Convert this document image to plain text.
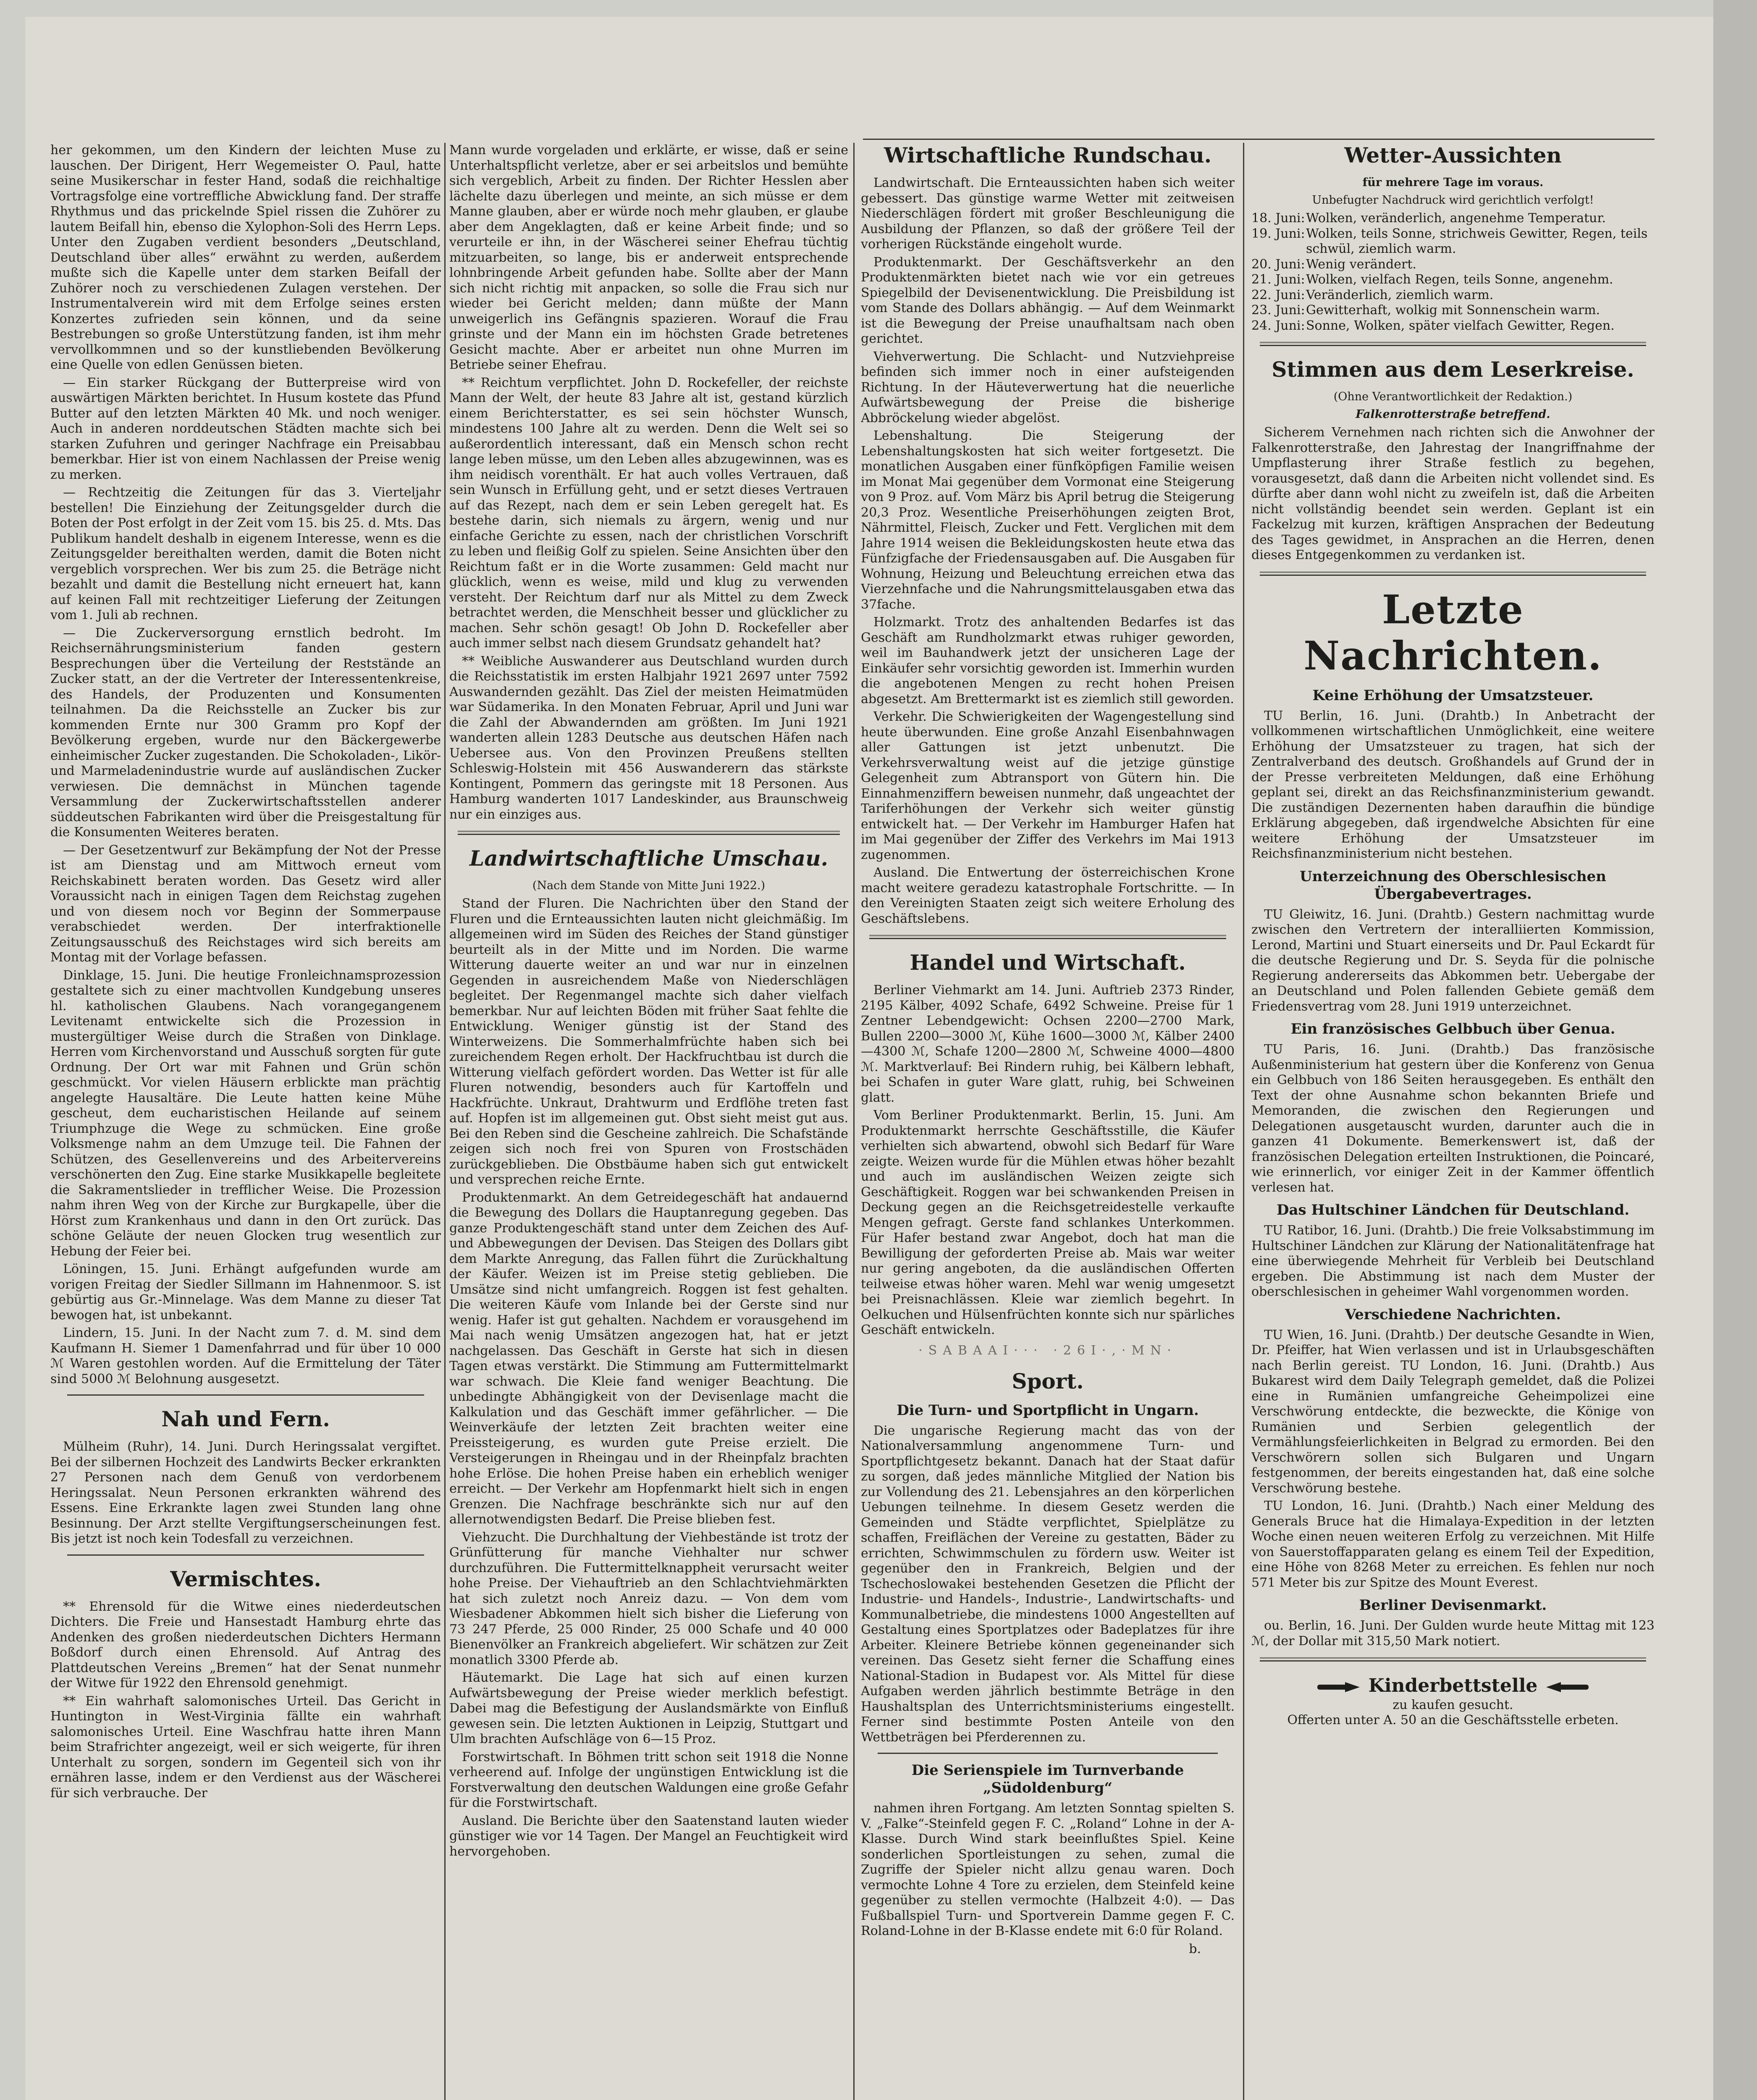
her gekommen, um den Kindern der leichten Muse zu lauschen. Der Dirigent, Herr Wegemeister O. Paul, hatte seine Musikerschar in fester Hand, sodaß die reichhaltige Vortragsfolge eine vortreffliche Abwicklung fand. Der straffe Rhythmus und das prickelnde Spiel rissen die Zuhörer zu lautem Beifall hin, ebenso die Xylophon-Soli des Herrn Leps. Unter den Zugaben verdient besonders „Deutschland, Deutschland über alles“ erwähnt zu werden, außerdem mußte sich die Kapelle unter dem starken Beifall der Zuhörer noch zu verschiedenen Zulagen verstehen. Der Instrumentalverein wird mit dem Erfolge seines ersten Konzertes zufrieden sein können, und da seine Bestrebungen so große Unterstützung fanden, ist ihm mehr vervollkommnen und so der kunstliebenden Bevölkerung eine Quelle von edlen Genüssen bieten.

— Ein starker Rückgang der Butterpreise wird von auswärtigen Märkten berichtet. In Husum kostete das Pfund Butter auf den letzten Märkten 40 Mk. und noch weniger. Auch in anderen norddeutschen Städten machte sich bei starken Zufuhren und geringer Nachfrage ein Preisabbau bemerkbar. Hier ist von einem Nachlassen der Preise wenig zu merken.

— Rechtzeitig die Zeitungen für das 3. Vierteljahr bestellen! Die Einziehung der Zeitungsgelder durch die Boten der Post erfolgt in der Zeit vom 15. bis 25. d. Mts. Das Publikum handelt deshalb in eigenem Interesse, wenn es die Zeitungsgelder bereithalten werden, damit die Boten nicht vergeblich vorsprechen. Wer bis zum 25. die Beträge nicht bezahlt und damit die Bestellung nicht erneuert hat, kann auf keinen Fall mit rechtzeitiger Lieferung der Zeitungen vom 1. Juli ab rechnen.

— Die Zuckerversorgung ernstlich bedroht. Im Reichsernährungsministerium fanden gestern Besprechungen über die Verteilung der Reststände an Zucker statt, an der die Vertreter der Interessentenkreise, des Handels, der Produzenten und Konsumenten teilnahmen. Da die Reichsstelle an Zucker bis zur kommenden Ernte nur 300 Gramm pro Kopf der Bevölkerung ergeben, wurde nur den Bäckergewerbe einheimischer Zucker zugestanden. Die Schokoladen-, Likör- und Marmeladenindustrie wurde auf ausländischen Zucker verwiesen. Die demnächst in München tagende Versammlung der Zuckerwirtschaftsstellen anderer süddeutschen Fabrikanten wird über die Preisgestaltung für die Konsumenten Weiteres beraten.

— Der Gesetzentwurf zur Bekämpfung der Not der Presse ist am Dienstag und am Mittwoch erneut vom Reichskabinett beraten worden. Das Gesetz wird aller Voraussicht nach in einigen Tagen dem Reichstag zugehen und von diesem noch vor Beginn der Sommerpause verabschiedet werden. Der interfraktionelle Zeitungsausschuß des Reichstages wird sich bereits am Montag mit der Vorlage befassen.

Dinklage, 15. Juni. Die heutige Fronleichnamsprozession gestaltete sich zu einer machtvollen Kundgebung unseres hl. katholischen Glaubens. Nach vorangegangenem Levitenamt entwickelte sich die Prozession in mustergültiger Weise durch die Straßen von Dinklage. Herren vom Kirchenvorstand und Ausschuß sorgten für gute Ordnung. Der Ort war mit Fahnen und Grün schön geschmückt. Vor vielen Häusern erblickte man prächtig angelegte Hausaltäre. Die Leute hatten keine Mühe gescheut, dem eucharistischen Heilande auf seinem Triumphzuge die Wege zu schmücken. Eine große Volksmenge nahm an dem Umzuge teil. Die Fahnen der Schützen, des Gesellenvereins und des Arbeitervereins verschönerten den Zug. Eine starke Musikkapelle begleitete die Sakramentslieder in trefflicher Weise. Die Prozession nahm ihren Weg von der Kirche zur Burgkapelle, über die Hörst zum Krankenhaus und dann in den Ort zurück. Das schöne Geläute der neuen Glocken trug wesentlich zur Hebung der Feier bei.

Löningen, 15. Juni. Erhängt aufgefunden wurde am vorigen Freitag der Siedler Sillmann im Hahnenmoor. S. ist gebürtig aus Gr.-Minnelage. Was dem Manne zu dieser Tat bewogen hat, ist unbekannt.

Lindern, 15. Juni. In der Nacht zum 7. d. M. sind dem Kaufmann H. Siemer 1 Damenfahrrad und für über 10 000 ℳ Waren gestohlen worden. Auf die Ermittelung der Täter sind 5000 ℳ Belohnung ausgesetzt.

Nah und Fern.

Mülheim (Ruhr), 14. Juni. Durch Heringssalat vergiftet. Bei der silbernen Hochzeit des Landwirts Becker erkrankten 27 Personen nach dem Genuß von verdorbenem Heringssalat. Neun Personen erkrankten während des Essens. Eine Erkrankte lagen zwei Stunden lang ohne Besinnung. Der Arzt stellte Vergiftungserscheinungen fest. Bis jetzt ist noch kein Todesfall zu verzeichnen.

Vermischtes.

** Ehrensold für die Witwe eines niederdeutschen Dichters. Die Freie und Hansestadt Hamburg ehrte das Andenken des großen niederdeutschen Dichters Hermann Boßdorf durch einen Ehrensold. Auf Antrag des Plattdeutschen Vereins „Bremen“ hat der Senat nunmehr der Witwe für 1922 den Ehrensold genehmigt.

** Ein wahrhaft salomonisches Urteil. Das Gericht in Huntington in West-Virginia fällte ein wahrhaft salomonisches Urteil. Eine Waschfrau hatte ihren Mann beim Strafrichter angezeigt, weil er sich weigerte, für ihren Unterhalt zu sorgen, sondern im Gegenteil sich von ihr ernähren lasse, indem er den Verdienst aus der Wäscherei für sich verbrauche. Der

Mann wurde vorgeladen und erklärte, er wisse, daß er seine Unterhaltspflicht verletze, aber er sei arbeitslos und bemühte sich vergeblich, Arbeit zu finden. Der Richter Hesslen aber lächelte dazu überlegen und meinte, an sich müsse er dem Manne glauben, aber er würde noch mehr glauben, er glaube aber dem Angeklagten, daß er keine Arbeit finde; und so verurteile er ihn, in der Wäscherei seiner Ehefrau tüchtig mitzuarbeiten, so lange, bis er anderweit entsprechende lohnbringende Arbeit gefunden habe. Sollte aber der Mann sich nicht richtig mit anpacken, so solle die Frau sich nur wieder bei Gericht melden; dann müßte der Mann unweigerlich ins Gefängnis spazieren. Worauf die Frau grinste und der Mann ein im höchsten Grade betretenes Gesicht machte. Aber er arbeitet nun ohne Murren im Betriebe seiner Ehefrau.

** Reichtum verpflichtet. John D. Rockefeller, der reichste Mann der Welt, der heute 83 Jahre alt ist, gestand kürzlich einem Berichterstatter, es sei sein höchster Wunsch, mindestens 100 Jahre alt zu werden. Denn die Welt sei so außerordentlich interessant, daß ein Mensch schon recht lange leben müsse, um den Leben alles abzugewinnen, was es ihm neidisch vorenthält. Er hat auch volles Vertrauen, daß sein Wunsch in Erfüllung geht, und er setzt dieses Vertrauen auf das Rezept, nach dem er sein Leben geregelt hat. Es bestehe darin, sich niemals zu ärgern, wenig und nur einfache Gerichte zu essen, nach der christlichen Vorschrift zu leben und fleißig Golf zu spielen. Seine Ansichten über den Reichtum faßt er in die Worte zusammen: Geld macht nur glücklich, wenn es weise, mild und klug zu verwenden versteht. Der Reichtum darf nur als Mittel zu dem Zweck betrachtet werden, die Menschheit besser und glücklicher zu machen. Sehr schön gesagt! Ob John D. Rockefeller aber auch immer selbst nach diesem Grundsatz gehandelt hat?

** Weibliche Auswanderer aus Deutschland wurden durch die Reichsstatistik im ersten Halbjahr 1921 2697 unter 7592 Auswandernden gezählt. Das Ziel der meisten Heimatmüden war Südamerika. In den Monaten Februar, April und Juni war die Zahl der Abwandernden am größten. Im Juni 1921 wanderten allein 1283 Deutsche aus deutschen Häfen nach Uebersee aus. Von den Provinzen Preußens stellten Schleswig-Holstein mit 456 Auswanderern das stärkste Kontingent, Pommern das geringste mit 18 Personen. Aus Hamburg wanderten 1017 Landeskinder, aus Braunschweig nur ein einziges aus.

Landwirtschaftliche Umschau.
(Nach dem Stande von Mitte Juni 1922.)

Stand der Fluren. Die Nachrichten über den Stand der Fluren und die Ernteaussichten lauten nicht gleichmäßig. Im allgemeinen wird im Süden des Reiches der Stand günstiger beurteilt als in der Mitte und im Norden. Die warme Witterung dauerte weiter an und war nur in einzelnen Gegenden in ausreichendem Maße von Niederschlägen begleitet. Der Regenmangel machte sich daher vielfach bemerkbar. Nur auf leichten Böden mit früher Saat fehlte die Entwicklung. Weniger günstig ist der Stand des Winterweizens. Die Sommerhalmfrüchte haben sich bei zureichendem Regen erholt. Der Hackfruchtbau ist durch die Witterung vielfach gefördert worden. Das Wetter ist für alle Fluren notwendig, besonders auch für Kartoffeln und Hackfrüchte. Unkraut, Drahtwurm und Erdflöhe treten fast auf. Hopfen ist im allgemeinen gut. Obst sieht meist gut aus. Bei den Reben sind die Gescheine zahlreich. Die Schafstände zeigen sich noch frei von Spuren von Frostschäden zurückgeblieben. Die Obstbäume haben sich gut entwickelt und versprechen reiche Ernte.

Produktenmarkt. An dem Getreidegeschäft hat andauernd die Bewegung des Dollars die Hauptanregung gegeben. Das ganze Produktengeschäft stand unter dem Zeichen des Auf- und Abbewegungen der Devisen. Das Steigen des Dollars gibt dem Markte Anregung, das Fallen führt die Zurückhaltung der Käufer. Weizen ist im Preise stetig geblieben. Die Umsätze sind nicht umfangreich. Roggen ist fest gehalten. Die weiteren Käufe vom Inlande bei der Gerste sind nur wenig. Hafer ist gut gehalten. Nachdem er vorausgehend im Mai nach wenig Umsätzen angezogen hat, hat er jetzt nachgelassen. Das Geschäft in Gerste hat sich in diesen Tagen etwas verstärkt. Die Stimmung am Futtermittelmarkt war schwach. Die Kleie fand weniger Beachtung. Die unbedingte Abhängigkeit von der Devisenlage macht die Kalkulation und das Geschäft immer gefährlicher. — Die Weinverkäufe der letzten Zeit brachten weiter eine Preissteigerung, es wurden gute Preise erzielt. Die Versteigerungen in Rheingau und in der Rheinpfalz brachten hohe Erlöse. Die hohen Preise haben ein erheblich weniger erreicht. — Der Verkehr am Hopfenmarkt hielt sich in engen Grenzen. Die Nachfrage beschränkte sich nur auf den allernotwendigsten Bedarf. Die Preise blieben fest.

Viehzucht. Die Durchhaltung der Viehbestände ist trotz der Grünfütterung für manche Viehhalter nur schwer durchzuführen. Die Futtermittelknappheit verursacht weiter hohe Preise. Der Viehauftrieb an den Schlachtviehmärkten hat sich zuletzt noch Anreiz dazu. — Von dem vom Wiesbadener Abkommen hielt sich bisher die Lieferung von 73 247 Pferde, 25 000 Rinder, 25 000 Schafe und 40 000 Bienenvölker an Frankreich abgeliefert. Wir schätzen zur Zeit monatlich 3300 Pferde ab.

Häutemarkt. Die Lage hat sich auf einen kurzen Aufwärtsbewegung der Preise wieder merklich befestigt. Dabei mag die Befestigung der Auslandsmärkte von Einfluß gewesen sein. Die letzten Auktionen in Leipzig, Stuttgart und Ulm brachten Aufschläge von 6—15 Proz.

Forstwirtschaft. In Böhmen tritt schon seit 1918 die Nonne verheerend auf. Infolge der ungünstigen Entwicklung ist die Forstverwaltung den deutschen Waldungen eine große Gefahr für die Forstwirtschaft.

Ausland. Die Berichte über den Saatenstand lauten wieder günstiger wie vor 14 Tagen. Der Mangel an Feuchtigkeit wird hervorgehoben.

Wirtschaftliche Rundschau.

Landwirtschaft. Die Ernteaussichten haben sich weiter gebessert. Das günstige warme Wetter mit zeitweisen Niederschlägen fördert mit großer Beschleunigung die Ausbildung der Pflanzen, so daß der größere Teil der vorherigen Rückstände eingeholt wurde.

Produktenmarkt. Der Geschäftsverkehr an den Produktenmärkten bietet nach wie vor ein getreues Spiegelbild der Devisenentwicklung. Die Preisbildung ist vom Stande des Dollars abhängig. — Auf dem Weinmarkt ist die Bewegung der Preise unaufhaltsam nach oben gerichtet.

Viehverwertung. Die Schlacht- und Nutzviehpreise befinden sich immer noch in einer aufsteigenden Richtung. In der Häuteverwertung hat die neuerliche Aufwärtsbewegung der Preise die bisherige Abbröckelung wieder abgelöst.

Lebenshaltung. Die Steigerung der Lebenshaltungskosten hat sich weiter fortgesetzt. Die monatlichen Ausgaben einer fünfköpfigen Familie weisen im Monat Mai gegenüber dem Vormonat eine Steigerung von 9 Proz. auf. Vom März bis April betrug die Steigerung 20,3 Proz. Wesentliche Preiserhöhungen zeigten Brot, Nährmittel, Fleisch, Zucker und Fett. Verglichen mit dem Jahre 1914 weisen die Bekleidungskosten heute etwa das Fünfzigfache der Friedensausgaben auf. Die Ausgaben für Wohnung, Heizung und Beleuchtung erreichen etwa das Vierzehnfache und die Nahrungsmittelausgaben etwa das 37fache.

Holzmarkt. Trotz des anhaltenden Bedarfes ist das Geschäft am Rundholzmarkt etwas ruhiger geworden, weil im Bauhandwerk jetzt der unsicheren Lage der Einkäufer sehr vorsichtig geworden ist. Immerhin wurden die angebotenen Mengen zu recht hohen Preisen abgesetzt. Am Brettermarkt ist es ziemlich still geworden.

Verkehr. Die Schwierigkeiten der Wagengestellung sind heute überwunden. Eine große Anzahl Eisenbahnwagen aller Gattungen ist jetzt unbenutzt. Die Verkehrsverwaltung weist auf die jetzige günstige Gelegenheit zum Abtransport von Gütern hin. Die Einnahmenziffern beweisen nunmehr, daß ungeachtet der Tariferhöhungen der Verkehr sich weiter günstig entwickelt hat. — Der Verkehr im Hamburger Hafen hat im Mai gegenüber der Ziffer des Verkehrs im Mai 1913 zugenommen.

Ausland. Die Entwertung der österreichischen Krone macht weitere geradezu katastrophale Fortschritte. — In den Vereinigten Staaten zeigt sich weitere Erholung des Geschäftslebens.

Handel und Wirtschaft.

Berliner Viehmarkt am 14. Juni. Auftrieb 2373 Rinder, 2195 Kälber, 4092 Schafe, 6492 Schweine. Preise für 1 Zentner Lebendgewicht: Ochsen 2200—2700 Mark, Bullen 2200—3000 ℳ, Kühe 1600—3000 ℳ, Kälber 2400—4300 ℳ, Schafe 1200—2800 ℳ, Schweine 4000—4800 ℳ. Marktverlauf: Bei Rindern ruhig, bei Kälbern lebhaft, bei Schafen in guter Ware glatt, ruhig, bei Schweinen glatt.

Vom Berliner Produktenmarkt. Berlin, 15. Juni. Am Produktenmarkt herrschte Geschäftsstille, die Käufer verhielten sich abwartend, obwohl sich Bedarf für Ware zeigte. Weizen wurde für die Mühlen etwas höher bezahlt und auch im ausländischen Weizen zeigte sich Geschäftigkeit. Roggen war bei schwankenden Preisen in Deckung gegen an die Reichsgetreidestelle verkaufte Mengen gefragt. Gerste fand schlankes Unterkommen. Für Hafer bestand zwar Angebot, doch hat man die Bewilligung der geforderten Preise ab. Mais war weiter nur gering angeboten, da die ausländischen Offerten teilweise etwas höher waren. Mehl war wenig umgesetzt bei Preisnachlässen. Kleie war ziemlich begehrt. In Oelkuchen und Hülsenfrüchten konnte sich nur spärliches Geschäft entwickeln.

·SABAAI··· ·26I·,·MN·
Sport.
Die Turn- und Sportpflicht in Ungarn.

Die ungarische Regierung macht das von der Nationalversammlung angenommene Turn- und Sportpflichtgesetz bekannt. Danach hat der Staat dafür zu sorgen, daß jedes männliche Mitglied der Nation bis zur Vollendung des 21. Lebensjahres an den körperlichen Uebungen teilnehme. In diesem Gesetz werden die Gemeinden und Städte verpflichtet, Spielplätze zu schaffen, Freiflächen der Vereine zu gestatten, Bäder zu errichten, Schwimmschulen zu fördern usw. Weiter ist gegenüber den in Frankreich, Belgien und der Tschechoslowakei bestehenden Gesetzen die Pflicht der Industrie- und Handels-, Industrie-, Landwirtschafts- und Kommunalbetriebe, die mindestens 1000 Angestellten auf Gestaltung eines Sportplatzes oder Badeplatzes für ihre Arbeiter. Kleinere Betriebe können gegeneinander sich vereinen. Das Gesetz sieht ferner die Schaffung eines National-Stadion in Budapest vor. Als Mittel für diese Aufgaben werden jährlich bestimmte Beträge in den Haushaltsplan des Unterrichtsministeriums eingestellt. Ferner sind bestimmte Posten Anteile von den Wettbeträgen bei Pferderennen zu.

Die Serienspiele im Turnverbande „Südoldenburg“

nahmen ihren Fortgang. Am letzten Sonntag spielten S. V. „Falke“-Steinfeld gegen F. C. „Roland“ Lohne in der A-Klasse. Durch Wind stark beeinflußtes Spiel. Keine sonderlichen Sportleistungen zu sehen, zumal die Zugriffe der Spieler nicht allzu genau waren. Doch vermochte Lohne 4 Tore zu erzielen, dem Steinfeld keine gegenüber zu stellen vermochte (Halbzeit 4:0). — Das Fußballspiel Turn- und Sportverein Damme gegen F. C. Roland-Lohne in der B-Klasse endete mit 6:0 für Roland.

b.
Wetter-Aussichten
für mehrere Tage im voraus.
Unbefugter Nachdruck wird gerichtlich verfolgt!
18. Juni: Wolken, veränderlich, angenehme Temperatur.
19. Juni: Wolken, teils Sonne, strichweis Gewitter, Regen, teils schwül, ziemlich warm.
20. Juni: Wenig verändert.
21. Juni: Wolken, vielfach Regen, teils Sonne, angenehm.
22. Juni: Veränderlich, ziemlich warm.
23. Juni: Gewitterhaft, wolkig mit Sonnenschein warm.
24. Juni: Sonne, Wolken, später vielfach Gewitter, Regen.
Stimmen aus dem Leserkreise.
(Ohne Verantwortlichkeit der Redaktion.)
Falkenrotterstraße betreffend.

Sicherem Vernehmen nach richten sich die Anwohner der Falkenrotterstraße, den Jahrestag der Inangriffnahme der Umpflasterung ihrer Straße festlich zu begehen, vorausgesetzt, daß dann die Arbeiten nicht vollendet sind. Es dürfte aber dann wohl nicht zu zweifeln ist, daß die Arbeiten nicht vollständig beendet sein werden. Geplant ist ein Fackelzug mit kurzen, kräftigen Ansprachen der Bedeutung des Tages gewidmet, in Ansprachen an die Herren, denen dieses Entgegenkommen zu verdanken ist.

Letzte Nachrichten.
Keine Erhöhung der Umsatzsteuer.

TU Berlin, 16. Juni. (Drahtb.) In Anbetracht der vollkommenen wirtschaftlichen Unmöglichkeit, eine weitere Erhöhung der Umsatzsteuer zu tragen, hat sich der Zentralverband des deutsch. Großhandels auf Grund der in der Presse verbreiteten Meldungen, daß eine Erhöhung geplant sei, direkt an das Reichsfinanzministerium gewandt. Die zuständigen Dezernenten haben daraufhin die bündige Erklärung abgegeben, daß irgendwelche Absichten für eine weitere Erhöhung der Umsatzsteuer im Reichsfinanzministerium nicht bestehen.

Unterzeichnung des Oberschlesischen Übergabevertrages.

TU Gleiwitz, 16. Juni. (Drahtb.) Gestern nachmittag wurde zwischen den Vertretern der interalliierten Kommission, Lerond, Martini und Stuart einerseits und Dr. Paul Eckardt für die deutsche Regierung und Dr. S. Seyda für die polnische Regierung andererseits das Abkommen betr. Uebergabe der an Deutschland und Polen fallenden Gebiete gemäß dem Friedensvertrag vom 28. Juni 1919 unterzeichnet.

Ein französisches Gelbbuch über Genua.

TU Paris, 16. Juni. (Drahtb.) Das französische Außenministerium hat gestern über die Konferenz von Genua ein Gelbbuch von 186 Seiten herausgegeben. Es enthält den Text der ohne Ausnahme schon bekannten Briefe und Memoranden, die zwischen den Regierungen und Delegationen ausgetauscht wurden, darunter auch die in ganzen 41 Dokumente. Bemerkenswert ist, daß der französischen Delegation erteilten Instruktionen, die Poincaré, wie erinnerlich, vor einiger Zeit in der Kammer öffentlich verlesen hat.

Das Hultschiner Ländchen für Deutschland.

TU Ratibor, 16. Juni. (Drahtb.) Die freie Volksabstimmung im Hultschiner Ländchen zur Klärung der Nationalitätenfrage hat eine überwiegende Mehrheit für Verbleib bei Deutschland ergeben. Die Abstimmung ist nach dem Muster der oberschlesischen in geheimer Wahl vorgenommen worden.

Verschiedene Nachrichten.

TU Wien, 16. Juni. (Drahtb.) Der deutsche Gesandte in Wien, Dr. Pfeiffer, hat Wien verlassen und ist in Urlaubsgeschäften nach Berlin gereist. TU London, 16. Juni. (Drahtb.) Aus Bukarest wird dem Daily Telegraph gemeldet, daß die Polizei eine in Rumänien umfangreiche Geheimpolizei eine Verschwörung entdeckte, die bezweckte, die Könige von Rumänien und Serbien gelegentlich der Vermählungsfeierlichkeiten in Belgrad zu ermorden. Bei den Verschwörern sollen sich Bulgaren und Ungarn festgenommen, der bereits eingestanden hat, daß eine solche Verschwörung bestehe.

TU London, 16. Juni. (Drahtb.) Nach einer Meldung des Generals Bruce hat die Himalaya-Expedition in der letzten Woche einen neuen weiteren Erfolg zu verzeichnen. Mit Hilfe von Sauerstoffapparaten gelang es einem Teil der Expedition, eine Höhe von 8268 Meter zu erreichen. Es fehlen nur noch 571 Meter bis zur Spitze des Mount Everest.

Berliner Devisenmarkt.

ou. Berlin, 16. Juni. Der Gulden wurde heute Mittag mit 123 ℳ, der Dollar mit 315,50 Mark notiert.

Kinderbettstelle
zu kaufen gesucht.
Offerten unter A. 50 an die Geschäftsstelle erbeten.
